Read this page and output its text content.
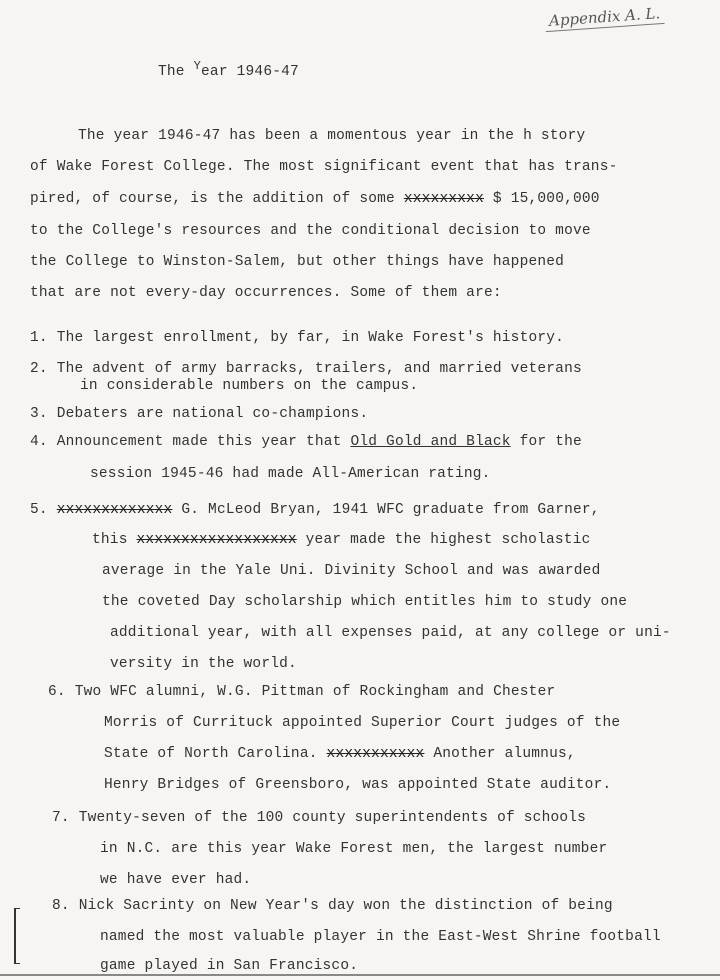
Appendix A. L.
The $^Y$ear 1946-47
The year 1946-47 has been a momentous year in the h story
of Wake Forest College. The most significant event that has trans-
pired, of course, is the addition of some xxxxxxxxx $ 15,000,000
to the College's resources and the conditional decision to move
the College to Winston-Salem, but other things have happened
that are not every-day occurrences. Some of them are:
1. The largest enrollment, by far, in Wake Forest's history.
2. The advent of army barracks, trailers, and married veterans
in considerable numbers on the campus.
3. Debaters are national co-champions.
4. Announcement made this year that Old Gold and Black for the
session 1945-46 had made All-American rating.
5. xxxxxxxxxxxxx G. McLeod Bryan, 1941 WFC graduate from Garner,
this xxxxxxxxxxxxxxxxxx year made the highest scholastic
average in the Yale Uni. Divinity School and was awarded
the coveted Day scholarship which entitles him to study one
additional year, with all expenses paid, at any college or uni-
versity in the world.
6. Two WFC alumni, W.G. Pittman of Rockingham and Chester
Morris of Currituck appointed Superior Court judges of the
State of North Carolina. xxxxxxxxxxx Another alumnus,
Henry Bridges of Greensboro, was appointed State auditor.
7. Twenty-seven of the 100 county superintendents of schools
in N.C. are this year Wake Forest men, the largest number
we have ever had.
8. Nick Sacrinty on New Year's day won the distinction of being
named the most valuable player in the East-West Shrine football
game played in San Francisco.
